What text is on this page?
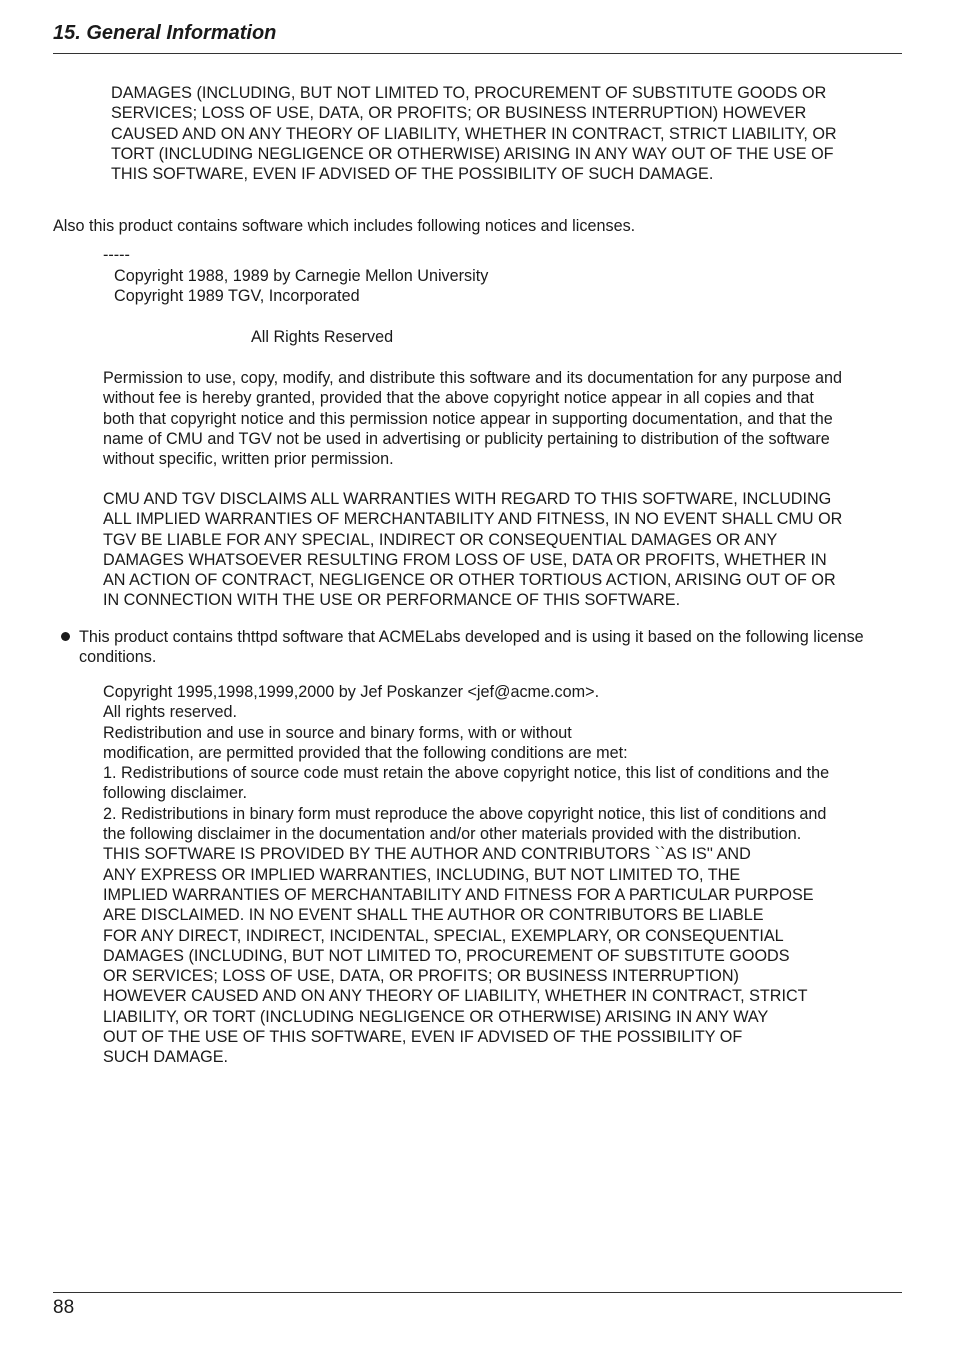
15. General Information
DAMAGES (INCLUDING, BUT NOT LIMITED TO, PROCUREMENT OF SUBSTITUTE GOODS OR
SERVICES; LOSS OF USE, DATA, OR PROFITS; OR BUSINESS INTERRUPTION) HOWEVER
CAUSED AND ON ANY THEORY OF LIABILITY, WHETHER IN CONTRACT, STRICT LIABILITY, OR
TORT (INCLUDING NEGLIGENCE OR OTHERWISE) ARISING IN ANY WAY OUT OF THE USE OF
THIS SOFTWARE, EVEN IF ADVISED OF THE POSSIBILITY OF SUCH DAMAGE.
Also this product contains software which includes following notices and licenses.
-----
Copyright 1988, 1989 by Carnegie Mellon University
Copyright 1989 TGV, Incorporated
All Rights Reserved
Permission to use, copy, modify, and distribute this software and its documentation for any purpose and
without fee is hereby granted, provided that the above copyright notice appear in all copies and that
both that copyright notice and this permission notice appear in supporting documentation, and that the
name of CMU and TGV not be used in advertising or publicity pertaining to distribution of the software
without specific, written prior permission.
CMU AND TGV DISCLAIMS ALL WARRANTIES WITH REGARD TO THIS SOFTWARE, INCLUDING
ALL IMPLIED WARRANTIES OF MERCHANTABILITY AND FITNESS, IN NO EVENT SHALL CMU OR
TGV BE LIABLE FOR ANY SPECIAL, INDIRECT OR CONSEQUENTIAL DAMAGES OR ANY
DAMAGES WHATSOEVER RESULTING FROM LOSS OF USE, DATA OR PROFITS, WHETHER IN
AN ACTION OF CONTRACT, NEGLIGENCE OR OTHER TORTIOUS ACTION, ARISING OUT OF OR
IN CONNECTION WITH THE USE OR PERFORMANCE OF THIS SOFTWARE.
This product contains thttpd software that ACMELabs developed and is using it based on the following license
conditions.
Copyright 1995,1998,1999,2000 by Jef Poskanzer <jef@acme.com>.
All rights reserved.
Redistribution and use in source and binary forms, with or without
modification, are permitted provided that the following conditions are met:
1. Redistributions of source code must retain the above copyright notice, this list of conditions and the
following disclaimer.
2. Redistributions in binary form must reproduce the above copyright notice, this list of conditions and
the following disclaimer in the documentation and/or other materials provided with the distribution.
THIS SOFTWARE IS PROVIDED BY THE AUTHOR AND CONTRIBUTORS ``AS IS'' AND
ANY EXPRESS OR IMPLIED WARRANTIES, INCLUDING, BUT NOT LIMITED TO, THE
IMPLIED WARRANTIES OF MERCHANTABILITY AND FITNESS FOR A PARTICULAR PURPOSE
ARE DISCLAIMED. IN NO EVENT SHALL THE AUTHOR OR CONTRIBUTORS BE LIABLE
FOR ANY DIRECT, INDIRECT, INCIDENTAL, SPECIAL, EXEMPLARY, OR CONSEQUENTIAL
DAMAGES (INCLUDING, BUT NOT LIMITED TO, PROCUREMENT OF SUBSTITUTE GOODS
OR SERVICES; LOSS OF USE, DATA, OR PROFITS; OR BUSINESS INTERRUPTION)
HOWEVER CAUSED AND ON ANY THEORY OF LIABILITY, WHETHER IN CONTRACT, STRICT
LIABILITY, OR TORT (INCLUDING NEGLIGENCE OR OTHERWISE) ARISING IN ANY WAY
OUT OF THE USE OF THIS SOFTWARE, EVEN IF ADVISED OF THE POSSIBILITY OF
SUCH DAMAGE.
88
